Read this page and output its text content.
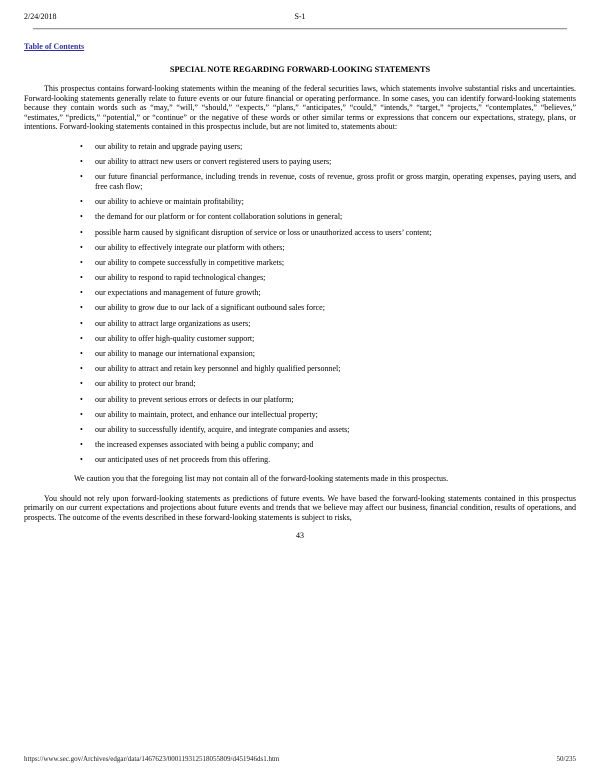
2/24/2018	S-1
Table of Contents
SPECIAL NOTE REGARDING FORWARD-LOOKING STATEMENTS

This prospectus contains forward-looking statements within the meaning of the federal securities laws, which statements involve substantial risks and uncertainties. Forward-looking statements generally relate to future events or our future financial or operating performance. In some cases, you can identify forward-looking statements because they contain words such as “may,” “will,” “should,” “expects,” “plans,” “anticipates,” “could,” “intends,” “target,” “projects,” “contemplates,” “believes,” “estimates,” “predicts,” “potential,” or “continue” or the negative of these words or other similar terms or expressions that concern our expectations, strategy, plans, or intentions. Forward-looking statements contained in this prospectus include, but are not limited to, statements about:

•	our ability to retain and upgrade paying users;
•	our ability to attract new users or convert registered users to paying users;
•	our future financial performance, including trends in revenue, costs of revenue, gross profit or gross margin, operating expenses, paying users, and free cash flow;
•	our ability to achieve or maintain profitability;
•	the demand for our platform or for content collaboration solutions in general;
•	possible harm caused by significant disruption of service or loss or unauthorized access to users’ content;
•	our ability to effectively integrate our platform with others;
•	our ability to compete successfully in competitive markets;
•	our ability to respond to rapid technological changes;
•	our expectations and management of future growth;
•	our ability to grow due to our lack of a significant outbound sales force;
•	our ability to attract large organizations as users;
•	our ability to offer high-quality customer support;
•	our ability to manage our international expansion;
•	our ability to attract and retain key personnel and highly qualified personnel;
•	our ability to protect our brand;
•	our ability to prevent serious errors or defects in our platform;
•	our ability to maintain, protect, and enhance our intellectual property;
•	our ability to successfully identify, acquire, and integrate companies and assets;
•	the increased expenses associated with being a public company; and
•	our anticipated uses of net proceeds from this offering.

We caution you that the foregoing list may not contain all of the forward-looking statements made in this prospectus.

You should not rely upon forward-looking statements as predictions of future events. We have based the forward-looking statements contained in this prospectus primarily on our current expectations and projections about future events and trends that we believe may affect our business, financial condition, results of operations, and prospects. The outcome of the events described in these forward-looking statements is subject to risks,

43
https://www.sec.gov/Archives/edgar/data/1467623/000119312518055809/d451946ds1.htm	50/235
